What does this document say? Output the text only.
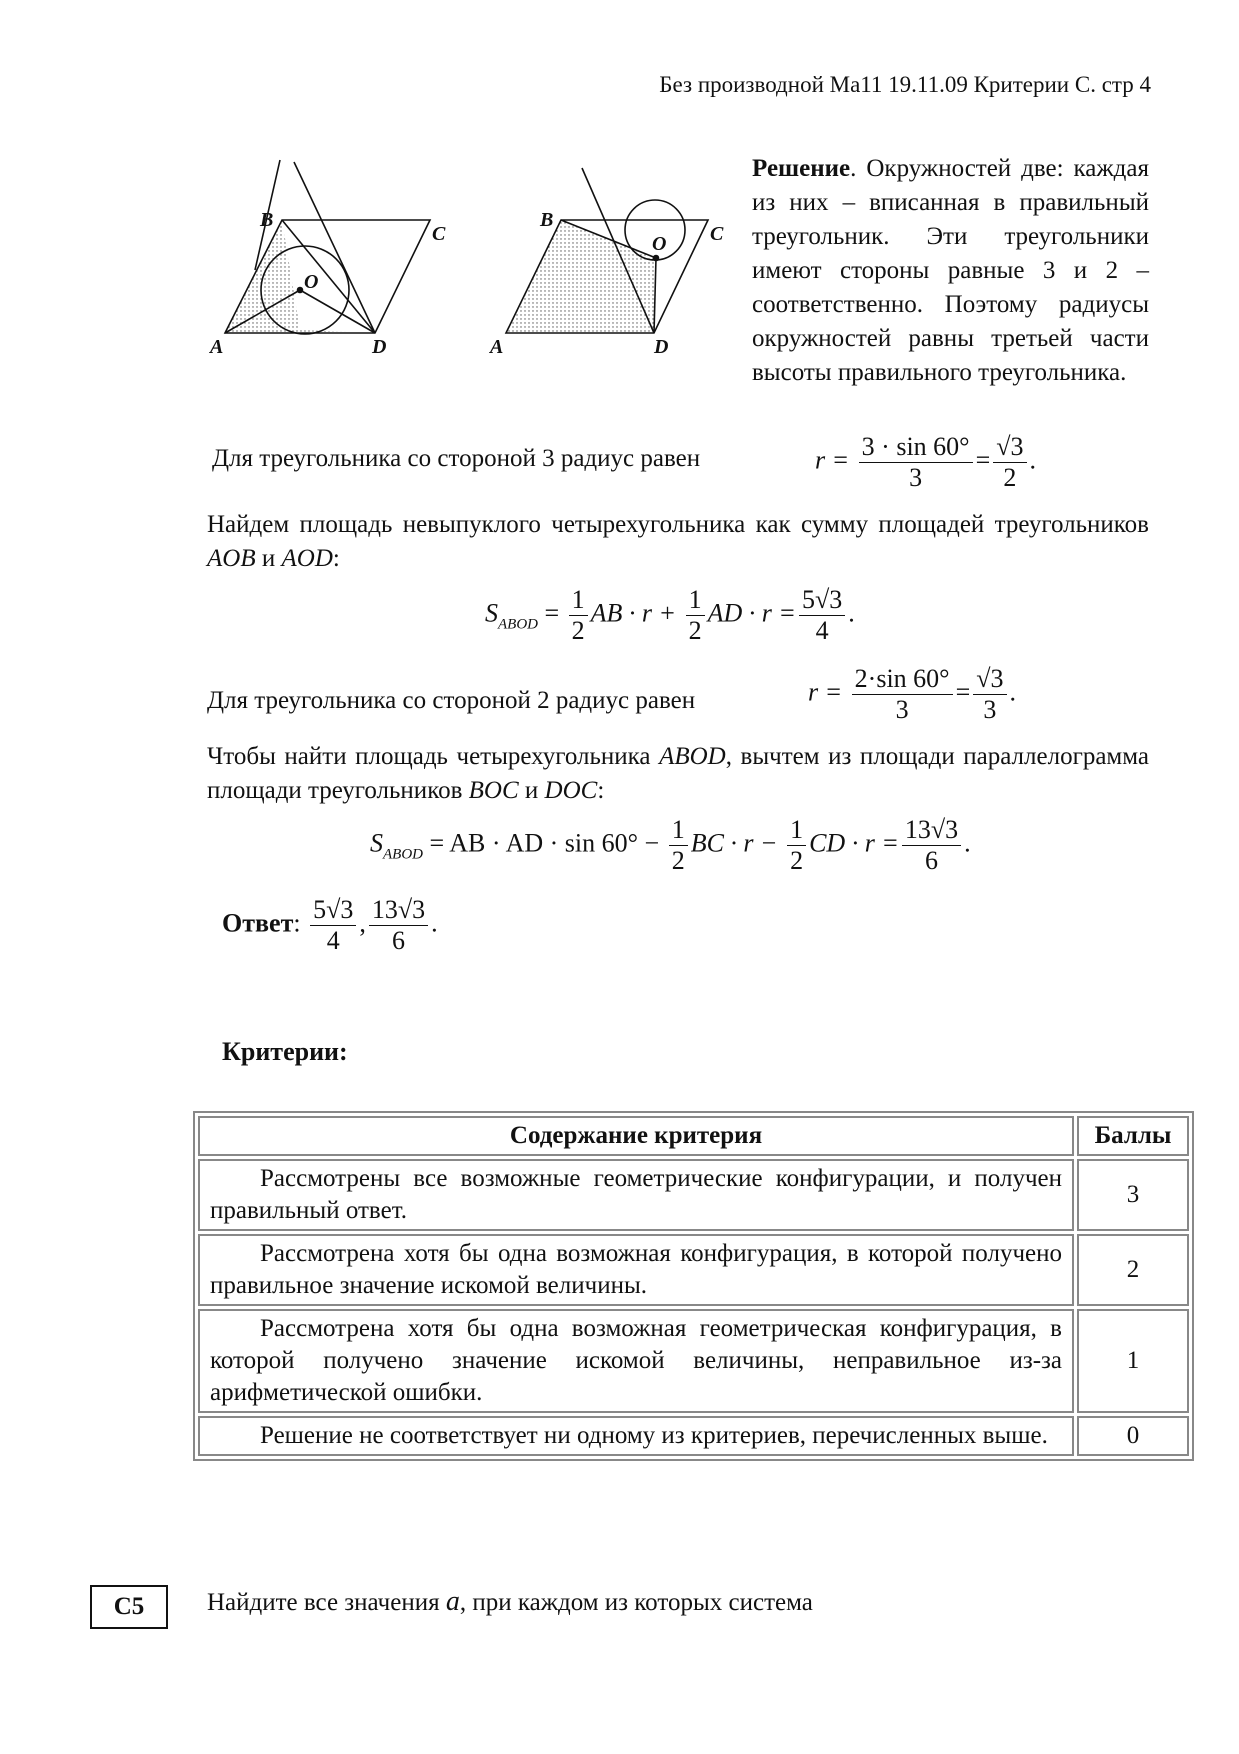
Без производной Ма11 19.11.09 Критерии С. стр 4
A
B
C
D
O
A
B
C
D
O
Решение. Окружностей две: каждая из них – вписанная в правильный треугольник. Эти треугольники имеют стороны равные 3 и 2 – соответственно. Поэтому радиусы окружностей равны третьей части высоты правильного треугольника.
Для треугольника со стороной 3 радиус равен	$r = \frac{3 \cdot \sin 60^\circ}{3} = \frac{√3}{2}$ .
Найдем площадь невыпуклого четырехугольника как сумму площадей треугольников AOB и AOD:
$S_{ABOD} = \frac{1}{2}$ AB · $r + \frac{1}{2}$ AD · $r = \frac{5√3}{4}$ .
Для треугольника со стороной 2 радиус равен	$r = \frac{2\cdot\sin 60^\circ}{3} = \frac{√3}{3}$ .
Чтобы найти площадь четырехугольника ABOD, вычтем из площади параллелограмма площади треугольников BOC и DOC:
$S_{ABOD}$ = AB · AD · $\sin 60^\circ - \frac{1}{2}$ BC · $r - \frac{1}{2}$ CD · $r = \frac{13√3}{6}$ .
Ответ: $\frac{5√3}{4}$ , $\frac{13√3}{6}$ .
Критерии:
Содержание критерия	Баллы
Рассмотрены все возможные геометрические конфигурации, и получен правильный ответ.	3
Рассмотрена хотя бы одна возможная конфигурация, в которой получено правильное значение искомой величины.	2
Рассмотрена хотя бы одна возможная геометрическая конфигурация, в которой получено значение искомой величины, неправильное из-за арифметической ошибки.	1
Решение не соответствует ни одному из критериев, перечисленных выше.	0
С5	Найдите все значения a, при каждом из которых система
